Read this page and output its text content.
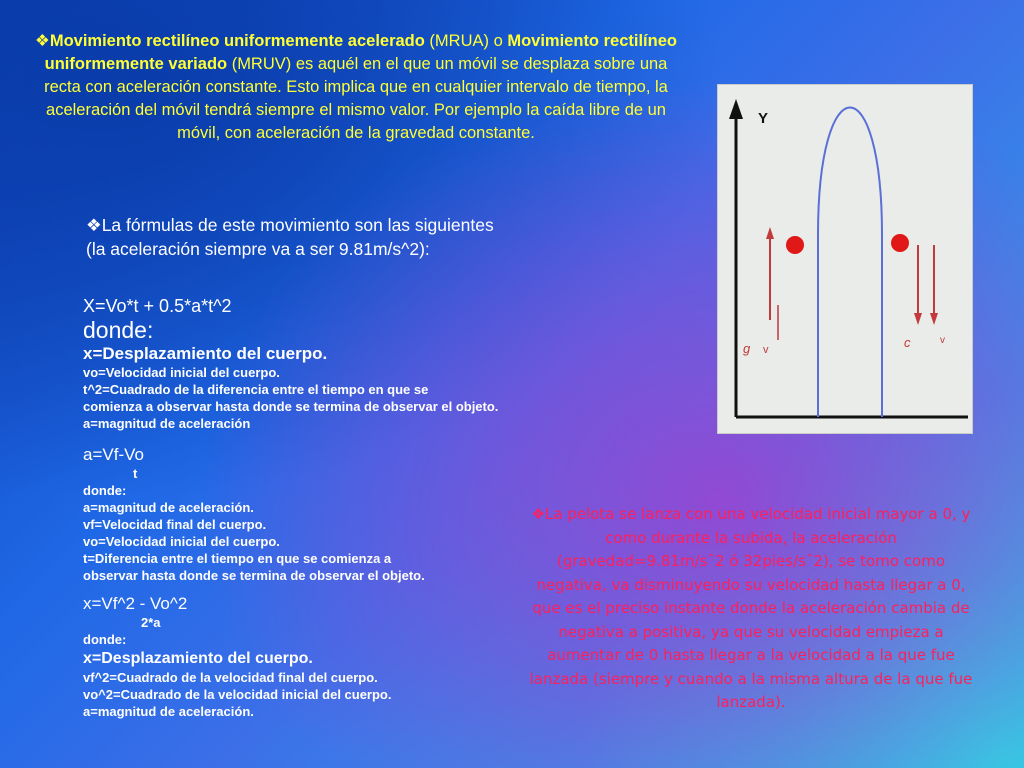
❖Movimiento rectilíneo uniformemente acelerado (MRUA) o Movimiento rectilíneo uniformemente variado (MRUV) es aquél en el que un móvil se desplaza sobre una recta con aceleración constante. Esto implica que en cualquier intervalo de tiempo, la aceleración del móvil tendrá siempre el mismo valor. Por ejemplo la caída libre de un móvil, con aceleración de la gravedad constante.
❖La fórmulas de este movimiento son las siguientes
(la aceleración siempre va a ser 9.81m/s^2):
X=Vo*t + 0.5*a*t^2
donde:
x=Desplazamiento del cuerpo.
vo=Velocidad inicial del cuerpo.
t^2=Cuadrado de la diferencia entre el tiempo en que se
comienza a observar hasta donde se termina de observar el objeto.
a=magnitud de aceleración
a=Vf-Vo
t
donde:
a=magnitud de aceleración.
vf=Velocidad final del cuerpo.
vo=Velocidad inicial del cuerpo.
t=Diferencia entre el tiempo en que se comienza a
observar hasta donde se termina de observar el objeto.
x=Vf^2 - Vo^2
2*a
donde:
x=Desplazamiento del cuerpo.
vf^2=Cuadrado de la velocidad final del cuerpo.
vo^2=Cuadrado de la velocidad inicial del cuerpo.
a=magnitud de aceleración.
Y
g v	c	v
❖La pelota se lanza con una velocidad inicial mayor a 0, y como durante la subida, la aceleración (gravedad=9.81m/sˆ2 ó 32pies/sˆ2), se tomo como negativa, va disminuyendo su velocidad hasta llegar a 0, que es el preciso instante donde la aceleración cambia de negativa a positiva, ya que su velocidad empieza a aumentar de 0 hasta llegar a la velocidad a la que fue lanzada (siempre y cuando a la misma altura de la que fue lanzada).
